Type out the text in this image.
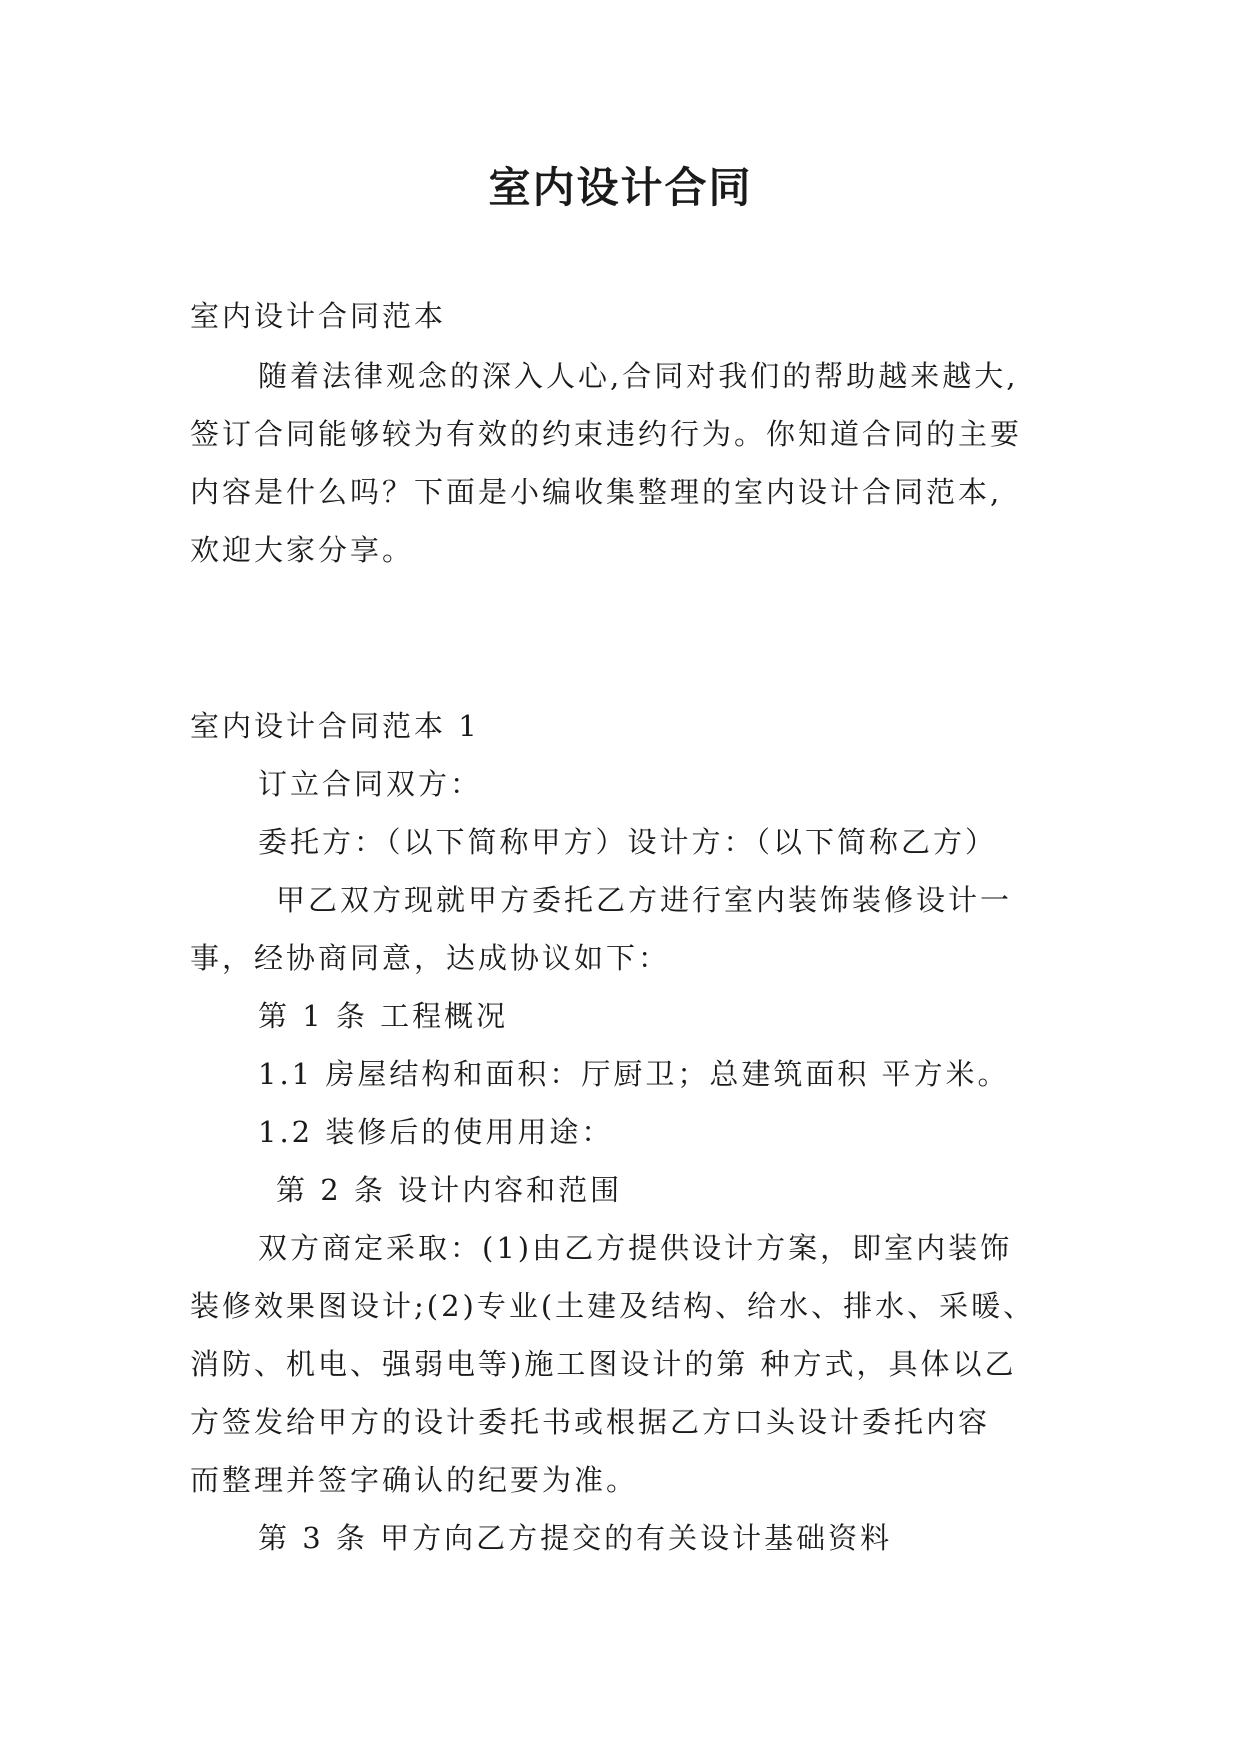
室内设计合同

室内设计合同范本

随着法律观念的深入人心,合同对我们的帮助越来越大,

签订合同能够较为有效的约束违约行为。你知道合同的主要

内容是什么吗？下面是小编收集整理的室内设计合同范本,

欢迎大家分享。

室内设计合同范本 1

订立合同双方：

委托方：（以下简称甲方）设计方：（以下简称乙方）

甲乙双方现就甲方委托乙方进行室内装饰装修设计一

事，经协商同意，达成协议如下：

第 1 条 工程概况

1.1 房屋结构和面积：厅厨卫；总建筑面积 平方米。

1.2 装修后的使用用途：

第 2 条 设计内容和范围

双方商定采取：(1)由乙方提供设计方案，即室内装饰

装修效果图设计;(2)专业(土建及结构、给水、排水、采暖、

消防、机电、强弱电等)施工图设计的第 种方式，具体以乙

方签发给甲方的设计委托书或根据乙方口头设计委托内容

而整理并签字确认的纪要为准。

第 3 条 甲方向乙方提交的有关设计基础资料
